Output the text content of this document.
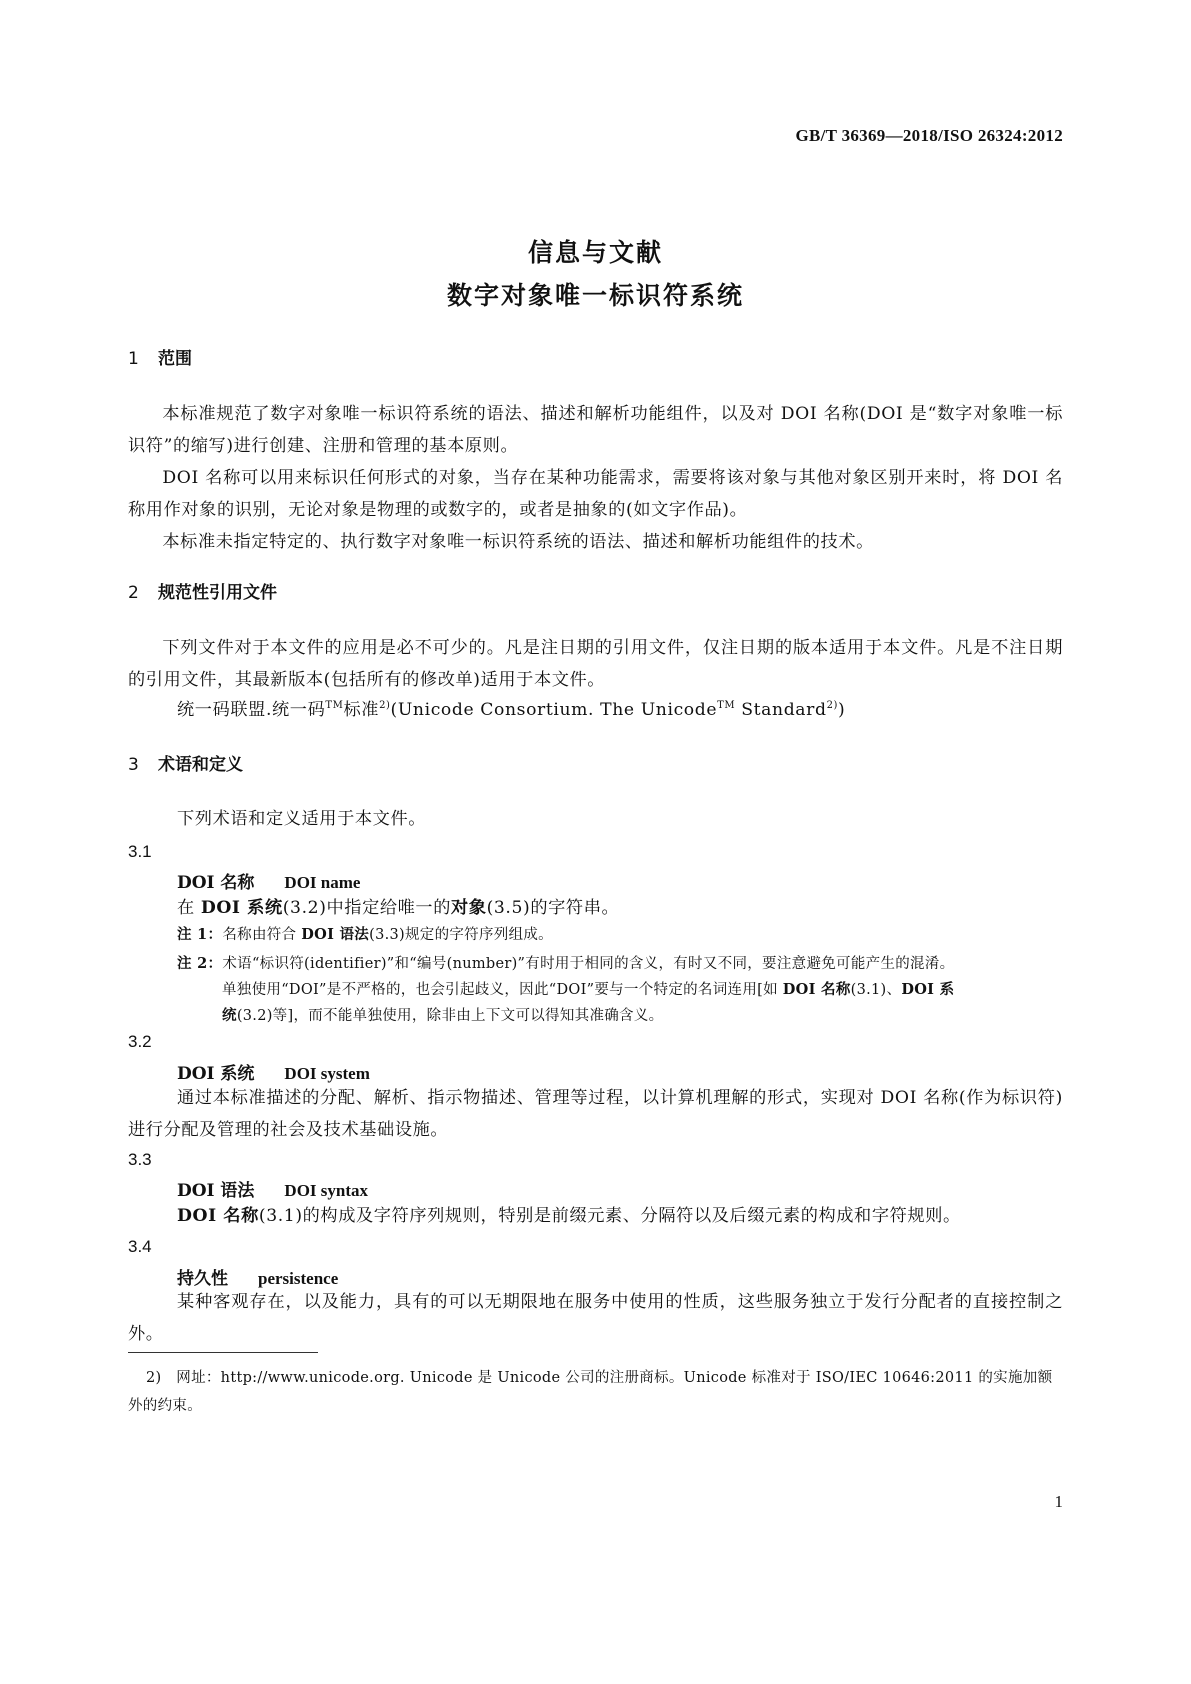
GB/T 36369—2018/ISO 26324:2012
信息与文献
数字对象唯一标识符系统
1 范围
本标准规范了数字对象唯一标识符系统的语法、描述和解析功能组件，以及对 DOI 名称(DOI 是“数字对象唯一标识符”的缩写)进行创建、注册和管理的基本原则。
DOI 名称可以用来标识任何形式的对象，当存在某种功能需求，需要将该对象与其他对象区别开来时，将 DOI 名称用作对象的识别，无论对象是物理的或数字的，或者是抽象的(如文字作品)。
本标准未指定特定的、执行数字对象唯一标识符系统的语法、描述和解析功能组件的技术。
2 规范性引用文件
下列文件对于本文件的应用是必不可少的。凡是注日期的引用文件，仅注日期的版本适用于本文件。凡是不注日期的引用文件，其最新版本(包括所有的修改单)适用于本文件。
统一码联盟.统一码™标准$^{2)}$(Unicode Consortium. The Unicode™ Standard$^{2)}$)
3 术语和定义
下列术语和定义适用于本文件。
3.1
DOI 名称 DOI name
在 DOI 系统(3.2)中指定给唯一的对象(3.5)的字符串。
注 1：名称由符合 DOI 语法(3.3)规定的字符序列组成。
注 2：术语“标识符(identifier)”和“编号(number)”有时用于相同的含义，有时又不同，要注意避免可能产生的混淆。
单独使用“DOI”是不严格的，也会引起歧义，因此“DOI”要与一个特定的名词连用[如 DOI 名称(3.1)、DOI 系
统(3.2)等]，而不能单独使用，除非由上下文可以得知其准确含义。
3.2
DOI 系统 DOI system
通过本标准描述的分配、解析、指示物描述、管理等过程，以计算机理解的形式，实现对 DOI 名称(作为标识符)进行分配及管理的社会及技术基础设施。
3.3
DOI 语法 DOI syntax
DOI 名称(3.1)的构成及字符序列规则，特别是前缀元素、分隔符以及后缀元素的构成和字符规则。
3.4
持久性 persistence
某种客观存在，以及能力，具有的可以无期限地在服务中使用的性质，这些服务独立于发行分配者的直接控制之外。
2)　网址：http://www.unicode.org. Unicode 是 Unicode 公司的注册商标。Unicode 标准对于 ISO/IEC 10646:2011 的实施加额外的约束。
1
